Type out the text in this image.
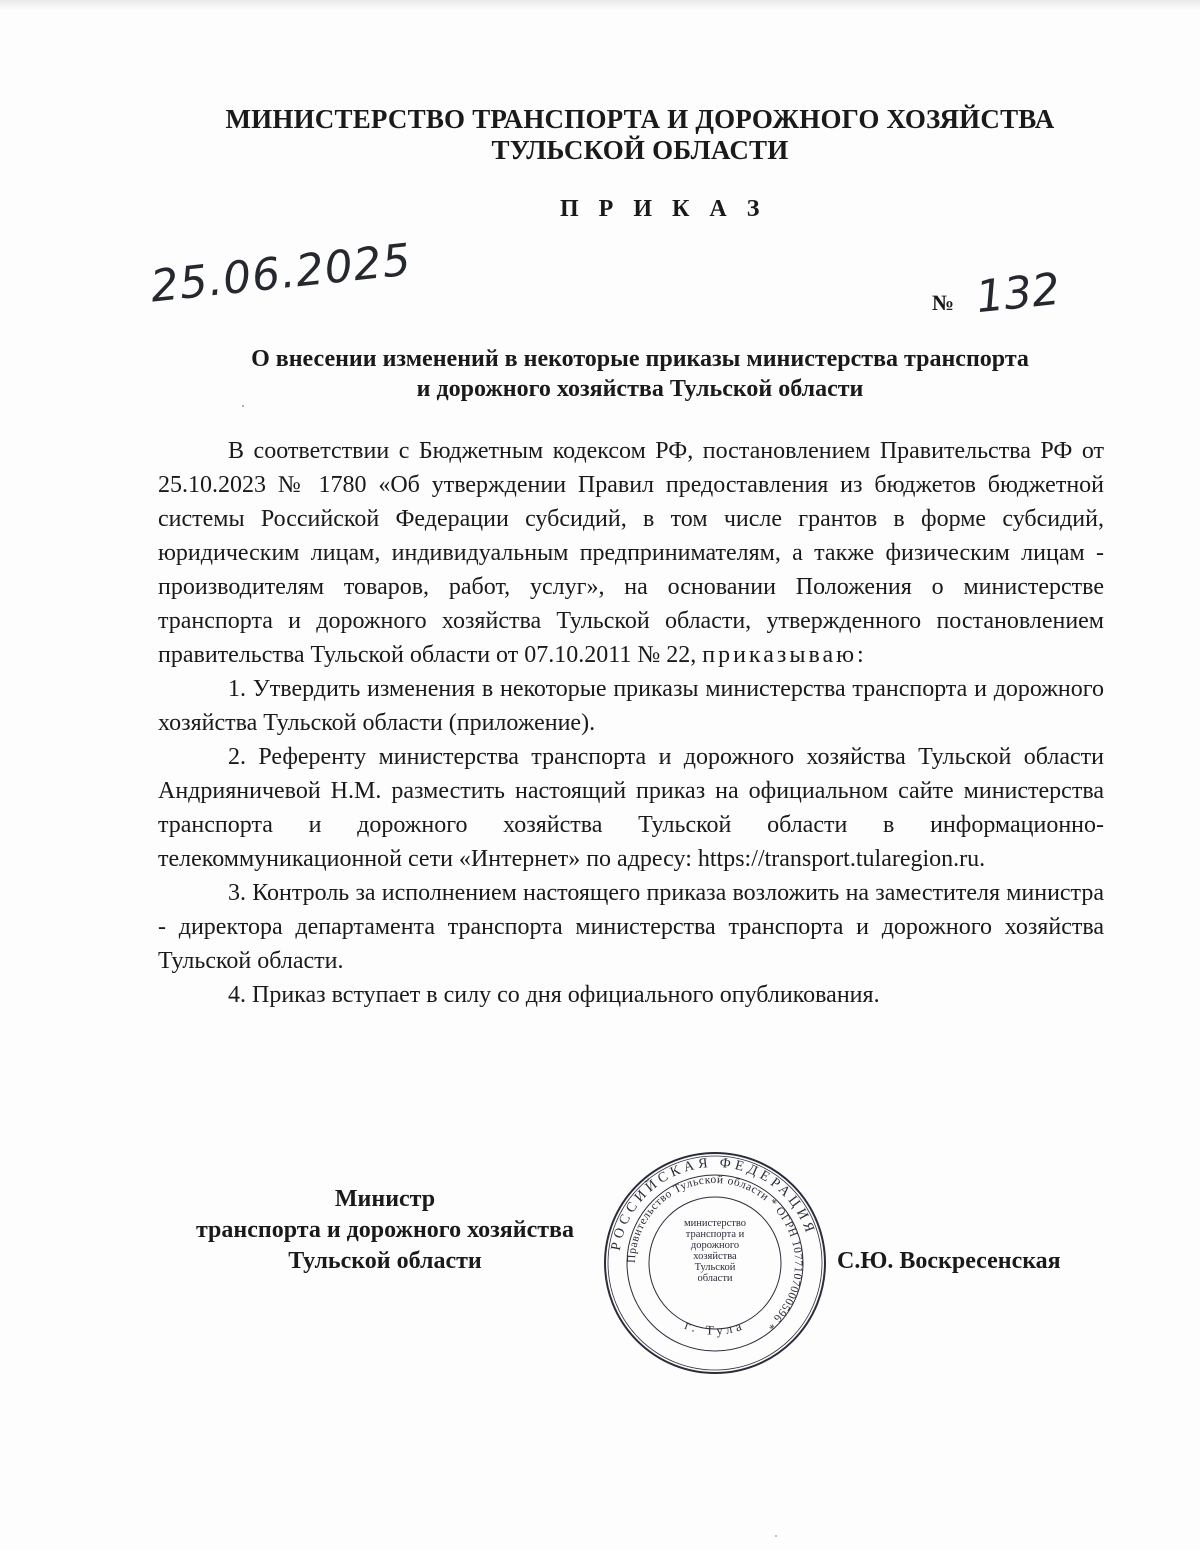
МИНИСТЕРСТВО ТРАНСПОРТА И ДОРОЖНОГО ХОЗЯЙСТВА
ТУЛЬСКОЙ ОБЛАСТИ
П Р И К А З
25.06.2025	№ 132
О внесении изменений в некоторые приказы министерства транспорта
и дорожного хозяйства Тульской области

В соответствии с Бюджетным кодексом РФ, постановлением Правительства РФ от 25.10.2023 № 1780 «Об утверждении Правил предоставления из бюджетов бюджетной системы Российской Федерации субсидий, в том числе грантов в форме субсидий, юридическим лицам, индивидуальным предпринимателям, а также физическим лицам - производителям товаров, работ, услуг», на основании Положения о министерстве транспорта и дорожного хозяйства Тульской области, утвержденного постановлением правительства Тульской области от 07.10.2011 № 22, приказываю:

1. Утвердить изменения в некоторые приказы министерства транспорта и дорожного хозяйства Тульской области (приложение).

2. Референту министерства транспорта и дорожного хозяйства Тульской области Андрияничевой Н.М. разместить настоящий приказ на официальном сайте министерства транспорта и дорожного хозяйства Тульской области в информационно-телекоммуникационной сети «Интернет» по адресу: https://transport.tularegion.ru.

3. Контроль за исполнением настоящего приказа возложить на заместителя министра - директора департамента транспорта министерства транспорта и дорожного хозяйства Тульской области.

4. Приказ вступает в силу со дня официального опубликования.

Министр
транспорта и дорожного хозяйства
Тульской области
РОССИЙСКАЯ ФЕДЕРАЦИЯ
Правительство Тульской области * ОГРН 1077107000596 *
г. Тула
министерство
транспорта и
дорожного
хозяйства
Тульской
области
С.Ю. Воскресенская
